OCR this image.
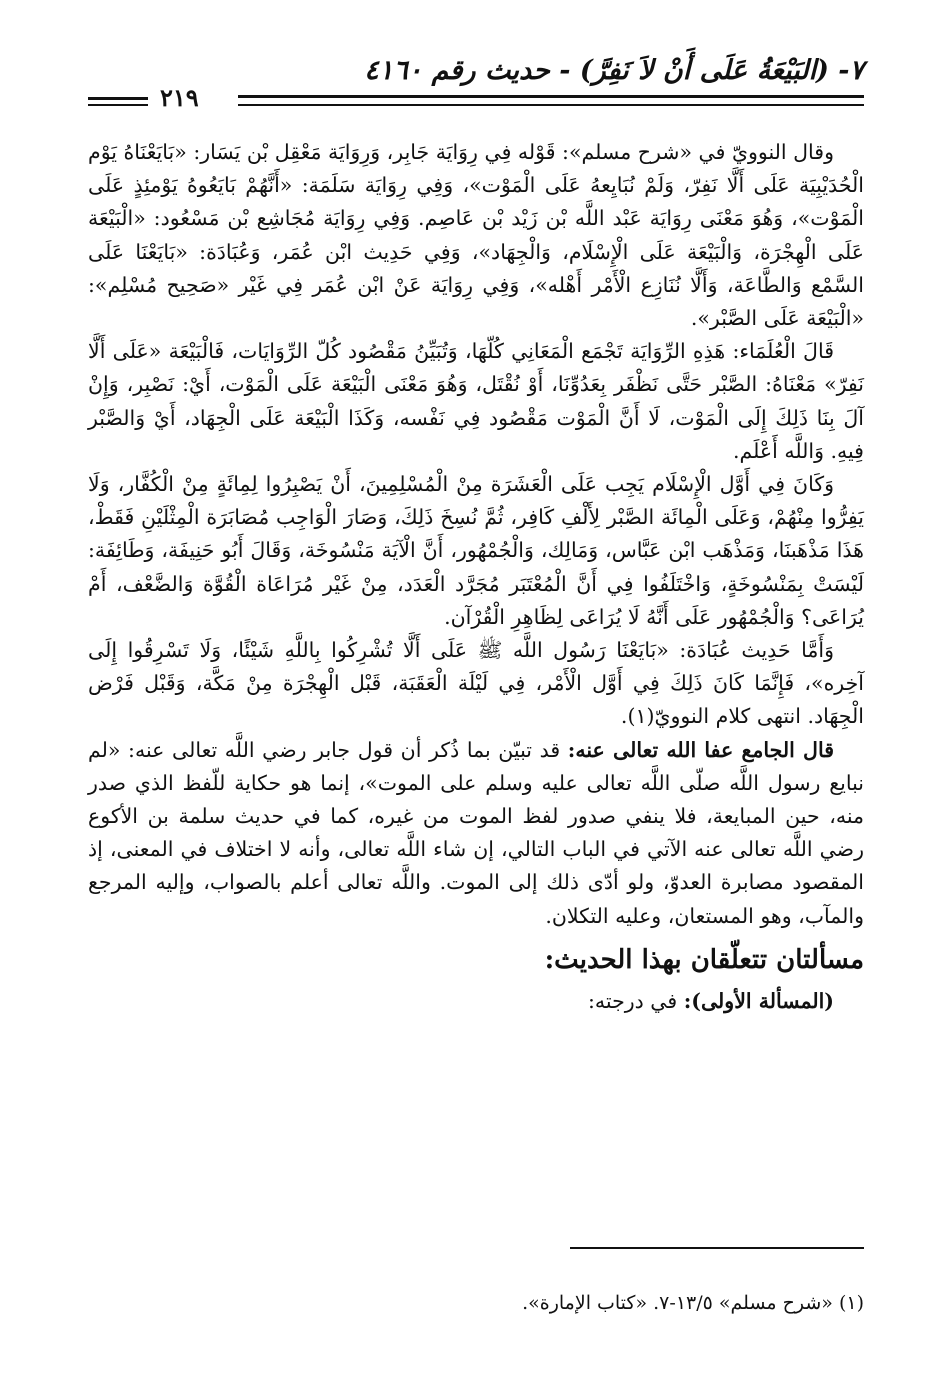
٧- (البَيْعَةُ عَلَى أَنْ لاَ نَفِرَّ) - حديث رقم ٤١٦٠
٢١٩

وقال النوويّ في «شرح مسلم»: قَوْله فِي رِوَايَة جَابِر، وَرِوَايَة مَعْقِل بْن يَسَار: «بَايَعْنَاهُ يَوْم الْحُدَيْبِيَة عَلَى أَلَّا نَفِرّ، وَلَمْ نُبَايِعهُ عَلَى الْمَوْت»، وَفِي رِوَايَة سَلَمَة: «أَنَّهُمْ بَايَعُوهُ يَوْمئِذٍ عَلَى الْمَوْت»، وَهُوَ مَعْنَى رِوَايَة عَبْد اللَّه بْن زَيْد بْن عَاصِم. وَفِي رِوَايَة مُجَاشِع بْن مَسْعُود: «الْبَيْعَة عَلَى الْهِجْرَة، وَالْبَيْعَة عَلَى الْإِسْلَام، وَالْجِهَاد»، وَفِي حَدِيث ابْن عُمَر، وَعُبَادَة: «بَايَعْنَا عَلَى السَّمْع وَالطَّاعَة، وَأَلَّا نُنَازِع الْأَمْر أَهْله»، وَفِي رِوَايَة عَنْ ابْن عُمَر فِي غَيْر «صَحِيح مُسْلِم»: «الْبَيْعَة عَلَى الصَّبْر».

قَالَ الْعُلَمَاء: هَذِهِ الرِّوَايَة تَجْمَع الْمَعَانِي كُلّهَا، وَتُبَيِّنُ مَقْصُود كُلّ الرِّوَايَات، فَالْبَيْعَة «عَلَى أَلَّا نَفِرّ» مَعْنَاهُ: الصَّبْر حَتَّى نَظْفَر بِعَدُوِّنَا، أَوْ نُقْتَل، وَهُوَ مَعْنَى الْبَيْعَة عَلَى الْمَوْت، أَيْ: نَصْبِر، وَإِنْ آلَ بِنَا ذَلِكَ إِلَى الْمَوْت، لَا أَنَّ الْمَوْت مَقْصُود فِي نَفْسه، وَكَذَا الْبَيْعَة عَلَى الْجِهَاد، أَيْ وَالصَّبْر فِيهِ. وَاللَّه أَعْلَم.

وَكَانَ فِي أَوَّل الْإِسْلَام يَجِب عَلَى الْعَشَرَة مِنْ الْمُسْلِمِينَ، أَنْ يَصْبِرُوا لِمِائَةٍ مِنْ الْكُفَّار، وَلَا يَفِرُّوا مِنْهُمْ، وَعَلَى الْمِائَة الصَّبْر لِأَلْفِ كَافِر، ثُمَّ نُسِخَ ذَلِكَ، وَصَارَ الْوَاجِب مُصَابَرَة الْمِثْلَيْنِ فَقَطْ، هَذَا مَذْهَبنَا، وَمَذْهَب ابْن عَبَّاس، وَمَالِك، وَالْجُمْهُور، أَنَّ الْآيَة مَنْسُوخَة، وَقَالَ أَبُو حَنِيفَة، وَطَائِفَة: لَيْسَتْ بِمَنْسُوخَةٍ، وَاخْتَلَفُوا فِي أَنَّ الْمُعْتَبَر مُجَرَّد الْعَدَد، مِنْ غَيْر مُرَاعَاة الْقُوَّة وَالضَّعْف، أَمْ يُرَاعَى؟ وَالْجُمْهُور عَلَى أَنَّهُ لَا يُرَاعَى لِظَاهِرِ الْقُرْآن.

وَأَمَّا حَدِيث عُبَادَة: «بَايَعْنَا رَسُول اللَّه ﷺ عَلَى أَلَّا تُشْرِكُوا بِاللَّهِ شَيْئًا، وَلَا تَسْرِقُوا إِلَى آخِره»، فَإِنَّمَا كَانَ ذَلِكَ فِي أَوَّل الْأَمْر، فِي لَيْلَة الْعَقَبَة، قَبْل الْهِجْرَة مِنْ مَكَّة، وَقَبْل فَرْض الْجِهَاد. انتهى كلام النوويّ(١).

قال الجامع عفا الله تعالى عنه: قد تبيّن بما ذُكر أن قول جابر رضي اللَّه تعالى عنه: «لم نبايع رسول اللَّه صلّى اللَّه تعالى عليه وسلم على الموت»، إنما هو حكاية للّفظ الذي صدر منه، حين المبايعة، فلا ينفي صدور لفظ الموت من غيره، كما في حديث سلمة بن الأكوع رضي اللَّه تعالى عنه الآتي في الباب التالي، إن شاء اللَّه تعالى، وأنه لا اختلاف في المعنى، إذ المقصود مصابرة العدوّ، ولو أدّى ذلك إلى الموت. واللَّه تعالى أعلم بالصواب، وإليه المرجع والمآب، وهو المستعان، وعليه التكلان.

مسألتان تتعلّقان بهذا الحديث:

(المسألة الأولى): في درجته:

(١) «شرح مسلم» ١٣/٥-٧. «كتاب الإمارة».
